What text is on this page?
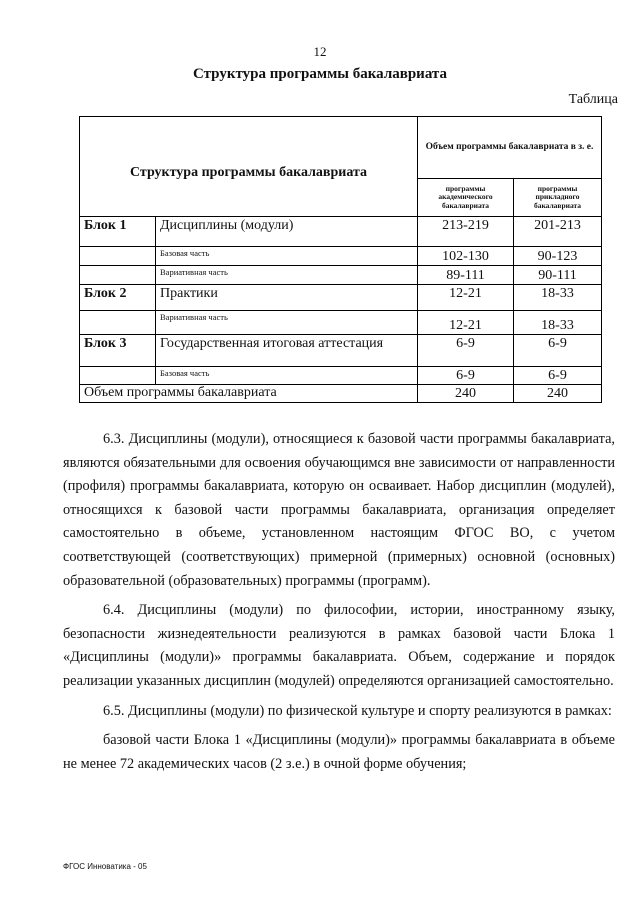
12
Структура программы бакалавриата
Таблица
Структура программы бакалавриата		Объем программы бакалавриата в з. е.	
		программы академического бакалавриата	программы прикладного бакалавриата
Блок 1	Дисциплины (модули)	213-219	201-213
	Базовая часть	102-130	90-123
	Вариативная часть	89-111	90-111
Блок 2	Практики	12-21	18-33
	Вариативная часть	12-21	18-33
Блок 3	Государственная итоговая аттестация	6-9	6-9
	Базовая часть	6-9	6-9
Объем программы бакалавриата		240	240

6.3. Дисциплины (модули), относящиеся к базовой части программы бакалавриата, являются обязательными для освоения обучающимся вне зависимости от направленности (профиля) программы бакалавриата, которую он осваивает. Набор дисциплин (модулей), относящихся к базовой части программы бакалавриата, организация определяет самостоятельно в объеме, установленном настоящим ФГОС ВО, с учетом соответствующей (соответствующих) примерной (примерных) основной (основных) образовательной (образовательных) программы (программ).

6.4. Дисциплины (модули) по философии, истории, иностранному языку, безопасности жизнедеятельности реализуются в рамках базовой части Блока 1 «Дисциплины (модули)» программы бакалавриата. Объем, содержание и порядок реализации указанных дисциплин (модулей) определяются организацией самостоятельно.

6.5. Дисциплины (модули) по физической культуре и спорту реализуются в рамках:

базовой части Блока 1 «Дисциплины (модули)» программы бакалавриата в объеме не менее 72 академических часов (2 з.е.) в очной форме обучения;

ФГОС Инноватика - 05
